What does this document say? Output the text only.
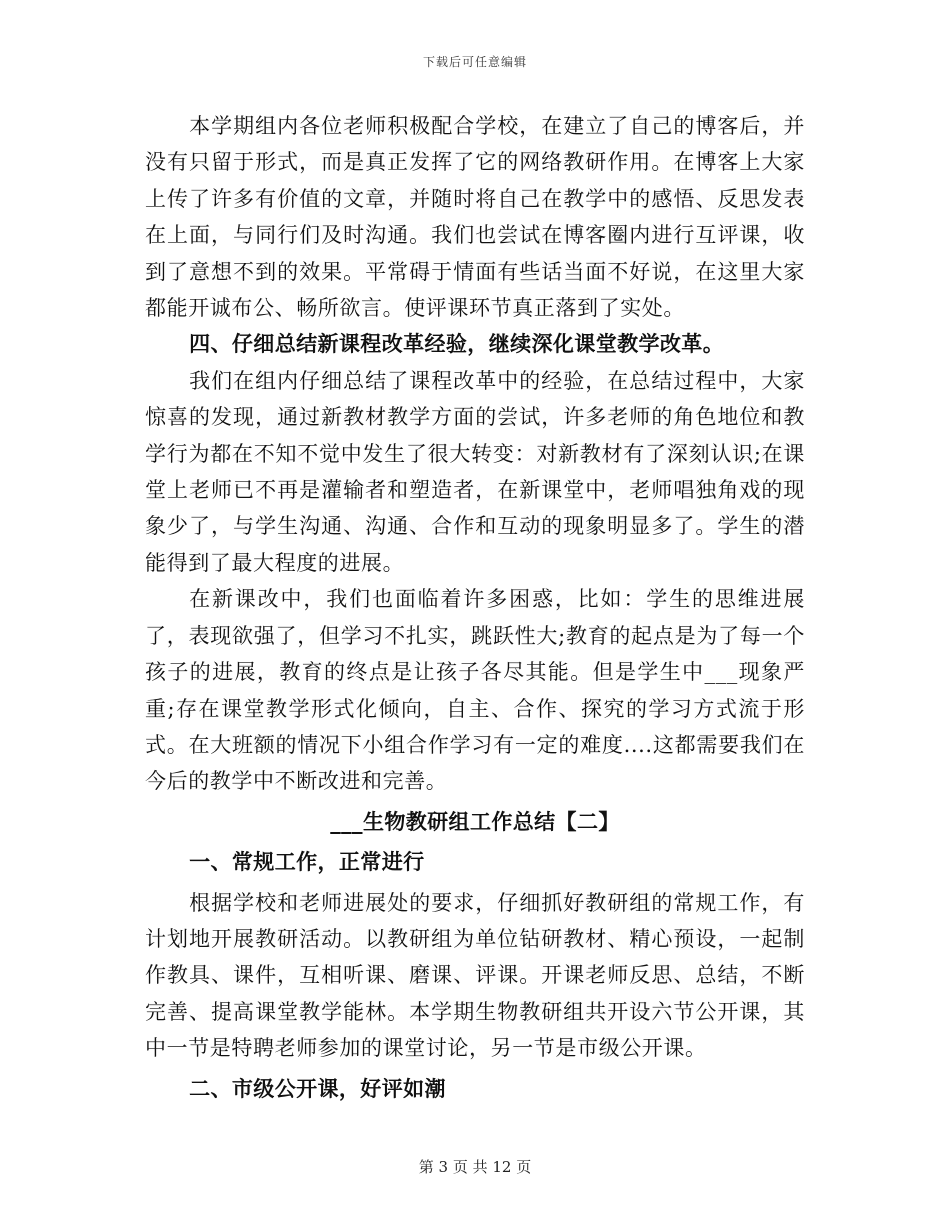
下载后可任意编辑

本学期组内各位老师积极配合学校，在建立了自己的博客后，并没有只留于形式，而是真正发挥了它的网络教研作用。在博客上大家上传了许多有价值的文章，并随时将自己在教学中的感悟、反思发表在上面，与同行们及时沟通。我们也尝试在博客圈内进行互评课，收到了意想不到的效果。平常碍于情面有些话当面不好说，在这里大家都能开诚布公、畅所欲言。使评课环节真正落到了实处。

四、仔细总结新课程改革经验，继续深化课堂教学改革。

我们在组内仔细总结了课程改革中的经验，在总结过程中，大家惊喜的发现，通过新教材教学方面的尝试，许多老师的角色地位和教学行为都在不知不觉中发生了很大转变：对新教材有了深刻认识;在课堂上老师已不再是灌输者和塑造者，在新课堂中，老师唱独角戏的现象少了，与学生沟通、沟通、合作和互动的现象明显多了。学生的潜能得到了最大程度的进展。

在新课改中，我们也面临着许多困惑，比如：学生的思维进展了，表现欲强了，但学习不扎实，跳跃性大;教育的起点是为了每一个孩子的进展，教育的终点是让孩子各尽其能。但是学生中___现象严重;存在课堂教学形式化倾向，自主、合作、探究的学习方式流于形式。在大班额的情况下小组合作学习有一定的难度....这都需要我们在今后的教学中不断改进和完善。

___生物教研组工作总结【二】

一、常规工作，正常进行

根据学校和老师进展处的要求，仔细抓好教研组的常规工作，有计划地开展教研活动。以教研组为单位钻研教材、精心预设，一起制作教具、课件，互相听课、磨课、评课。开课老师反思、总结，不断完善、提高课堂教学能林。本学期生物教研组共开设六节公开课，其中一节是特聘老师参加的课堂讨论，另一节是市级公开课。

二、市级公开课，好评如潮

第 3 页 共 12 页
